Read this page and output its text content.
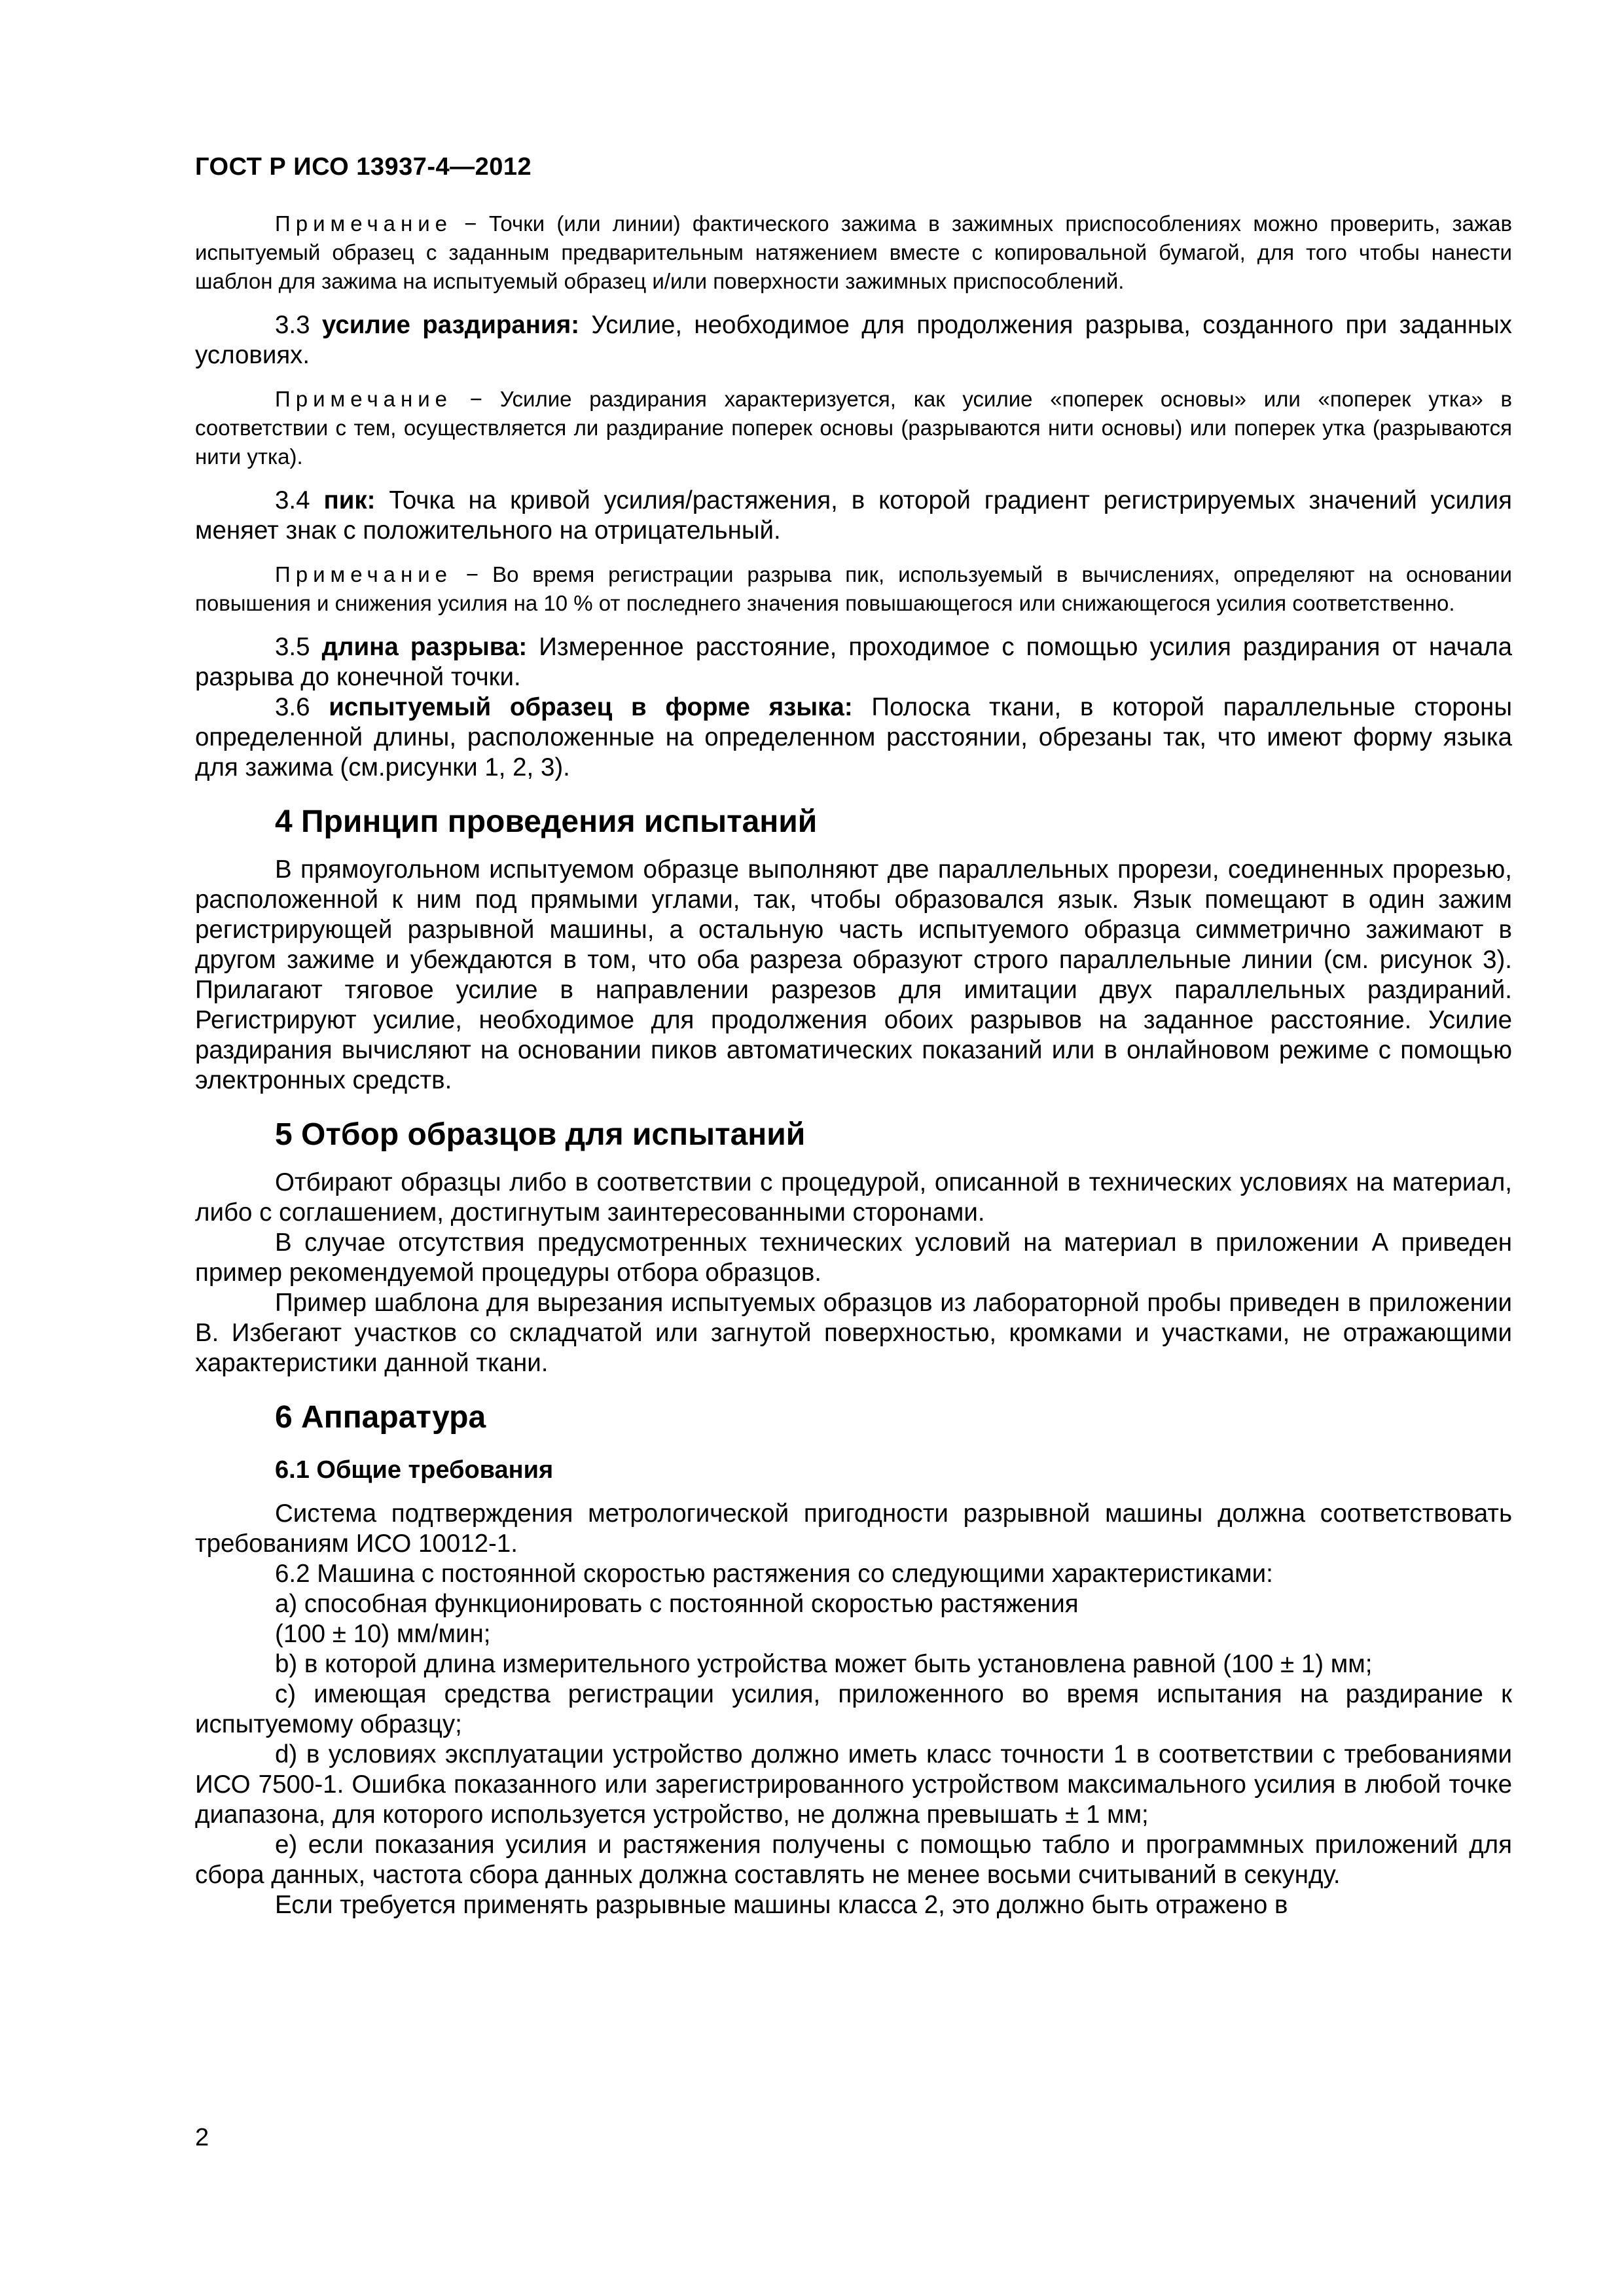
ГОСТ Р ИСО 13937-4—2012

Примечание − Точки (или линии) фактического зажима в зажимных приспособлениях можно проверить, зажав испытуемый образец с заданным предварительным натяжением вместе с копировальной бумагой, для того чтобы нанести шаблон для зажима на испытуемый образец и/или поверхности зажимных приспособлений.

3.3 усилие раздирания: Усилие, необходимое для продолжения разрыва, созданного при заданных условиях.

Примечание − Усилие раздирания характеризуется, как усилие «поперек основы» или «поперек утка» в соответствии с тем, осуществляется ли раздирание поперек основы (разрываются нити основы) или поперек утка (разрываются нити утка).

3.4 пик: Точка на кривой усилия/растяжения, в которой градиент регистрируемых значений усилия меняет знак с положительного на отрицательный.

Примечание − Во время регистрации разрыва пик, используемый в вычислениях, определяют на основании повышения и снижения усилия на 10 % от последнего значения повышающегося или снижающегося усилия соответственно.

3.5 длина разрыва: Измеренное расстояние, проходимое с помощью усилия раздирания от начала разрыва до конечной точки.

3.6 испытуемый образец в форме языка: Полоска ткани, в которой параллельные стороны определенной длины, расположенные на определенном расстоянии, обрезаны так, что имеют форму языка для зажима (см.рисунки 1, 2, 3).

4 Принцип проведения испытаний

В прямоугольном испытуемом образце выполняют две параллельных прорези, соединенных прорезью, расположенной к ним под прямыми углами, так, чтобы образовался язык. Язык помещают в один зажим регистрирующей разрывной машины, а остальную часть испытуемого образца симметрично зажимают в другом зажиме и убеждаются в том, что оба разреза образуют строго параллельные линии (см. рисунок 3). Прилагают тяговое усилие в направлении разрезов для имитации двух параллельных раздираний. Регистрируют усилие, необходимое для продолжения обоих разрывов на заданное расстояние. Усилие раздирания вычисляют на основании пиков автоматических показаний или в онлайновом режиме с помощью электронных средств.

5 Отбор образцов для испытаний

Отбирают образцы либо в соответствии с процедурой, описанной в технических условиях на материал, либо с соглашением, достигнутым заинтересованными сторонами.

В случае отсутствия предусмотренных технических условий на материал в приложении А приведен пример рекомендуемой процедуры отбора образцов.

Пример шаблона для вырезания испытуемых образцов из лабораторной пробы приведен в приложении В. Избегают участков со складчатой или загнутой поверхностью, кромками и участками, не отражающими характеристики данной ткани.

6 Аппаратура
6.1 Общие требования

Система подтверждения метрологической пригодности разрывной машины должна соответствовать требованиям ИСО 10012-1.

6.2 Машина с постоянной скоростью растяжения со следующими характеристиками:

а) способная функционировать с постоянной скоростью растяжения

(100 ± 10) мм/мин;

b) в которой длина измерительного устройства может быть установлена равной (100 ± 1) мм;

с) имеющая средства регистрации усилия, приложенного во время испытания на раздирание к испытуемому образцу;

d) в условиях эксплуатации устройство должно иметь класс точности 1 в соответствии с требованиями ИСО 7500-1. Ошибка показанного или зарегистрированного устройством максимального усилия в любой точке диапазона, для которого используется устройство, не должна превышать ± 1 мм;

е) если показания усилия и растяжения получены с помощью табло и программных приложений для сбора данных, частота сбора данных должна составлять не менее восьми считываний в секунду.

Если требуется применять разрывные машины класса 2, это должно быть отражено в

2
